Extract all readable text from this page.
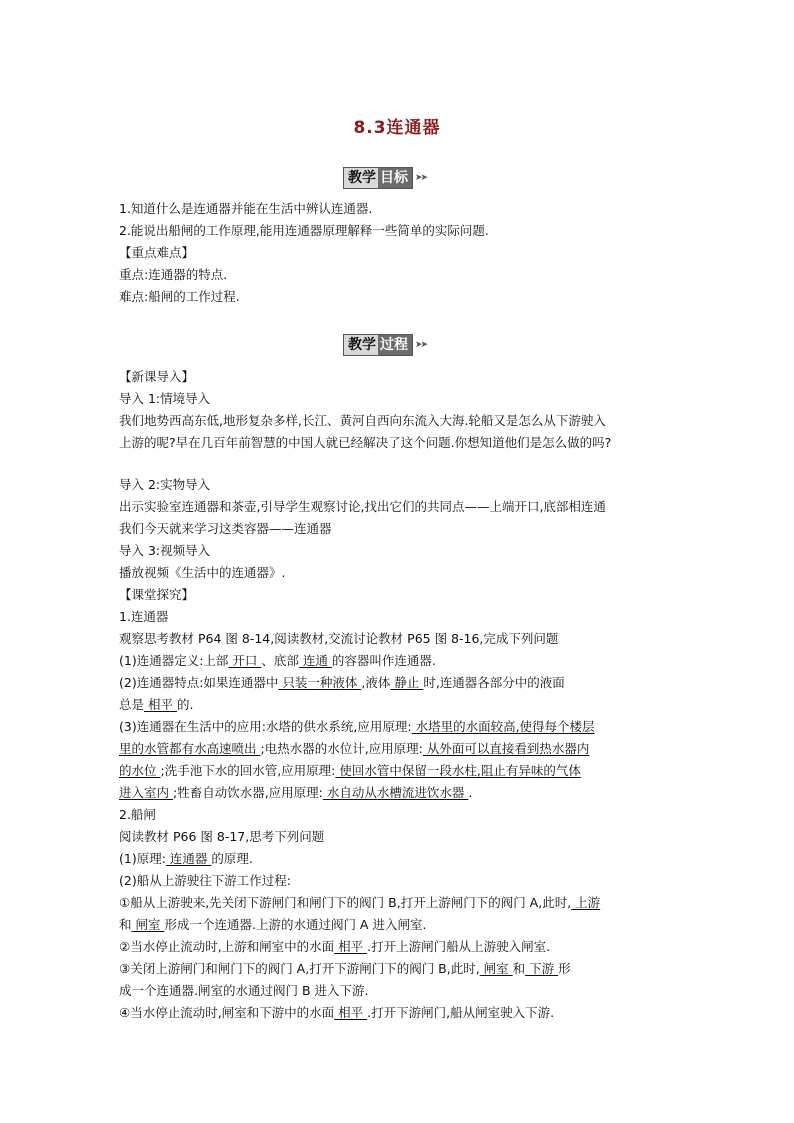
8.3连通器
教学 目标 ➤➤
1.知道什么是连通器并能在生活中辨认连通器.
2.能说出船闸的工作原理,能用连通器原理解释一些简单的实际问题.
【重点难点】
重点:连通器的特点.
难点:船闸的工作过程.
教学 过程 ➤➤
【新课导入】
导入 1:情境导入
我们地势西高东低,地形复杂多样,长江、黄河自西向东流入大海.轮船又是怎么从下游驶入
上游的呢?早在几百年前智慧的中国人就已经解决了这个问题.你想知道他们是怎么做的吗?
导入 2:实物导入
出示实验室连通器和茶壶,引导学生观察讨论,找出它们的共同点——上端开口,底部相连通
我们今天就来学习这类容器——连通器
导入 3:视频导入
播放视频《生活中的连通器》.
【课堂探究】
1.连通器
观察思考教材 P64 图 8-14,阅读教材,交流讨论教材 P65 图 8-16,完成下列问题
(1)连通器定义:上部 开口 、底部 连通 的容器叫作连通器.
(2)连通器特点:如果连通器中 只装一种液体 ,液体 静止 时,连通器各部分中的液面
总是 相平 的.
(3)连通器在生活中的应用:水塔的供水系统,应用原理: 水塔里的水面较高,使得每个楼层
里的水管都有水高速喷出 ;电热水器的水位计,应用原理: 从外面可以直接看到热水器内
的水位 ;洗手池下水的回水管,应用原理: 使回水管中保留一段水柱,阻止有异味的气体
进入室内 ;牲畜自动饮水器,应用原理: 水自动从水槽流进饮水器 .
2.船闸
阅读教材 P66 图 8-17,思考下列问题
(1)原理: 连通器 的原理.
(2)船从上游驶往下游工作过程:
①船从上游驶来,先关闭下游闸门和闸门下的阀门 B,打开上游闸门下的阀门 A,此时, 上游
和 闸室 形成一个连通器.上游的水通过阀门 A 进入闸室.
②当水停止流动时,上游和闸室中的水面 相平 .打开上游闸门船从上游驶入闸室.
③关闭上游闸门和闸门下的阀门 A,打开下游闸门下的阀门 B,此时, 闸室 和 下游 形
成一个连通器.闸室的水通过阀门 B 进入下游.
④当水停止流动时,闸室和下游中的水面 相平 .打开下游闸门,船从闸室驶入下游.
